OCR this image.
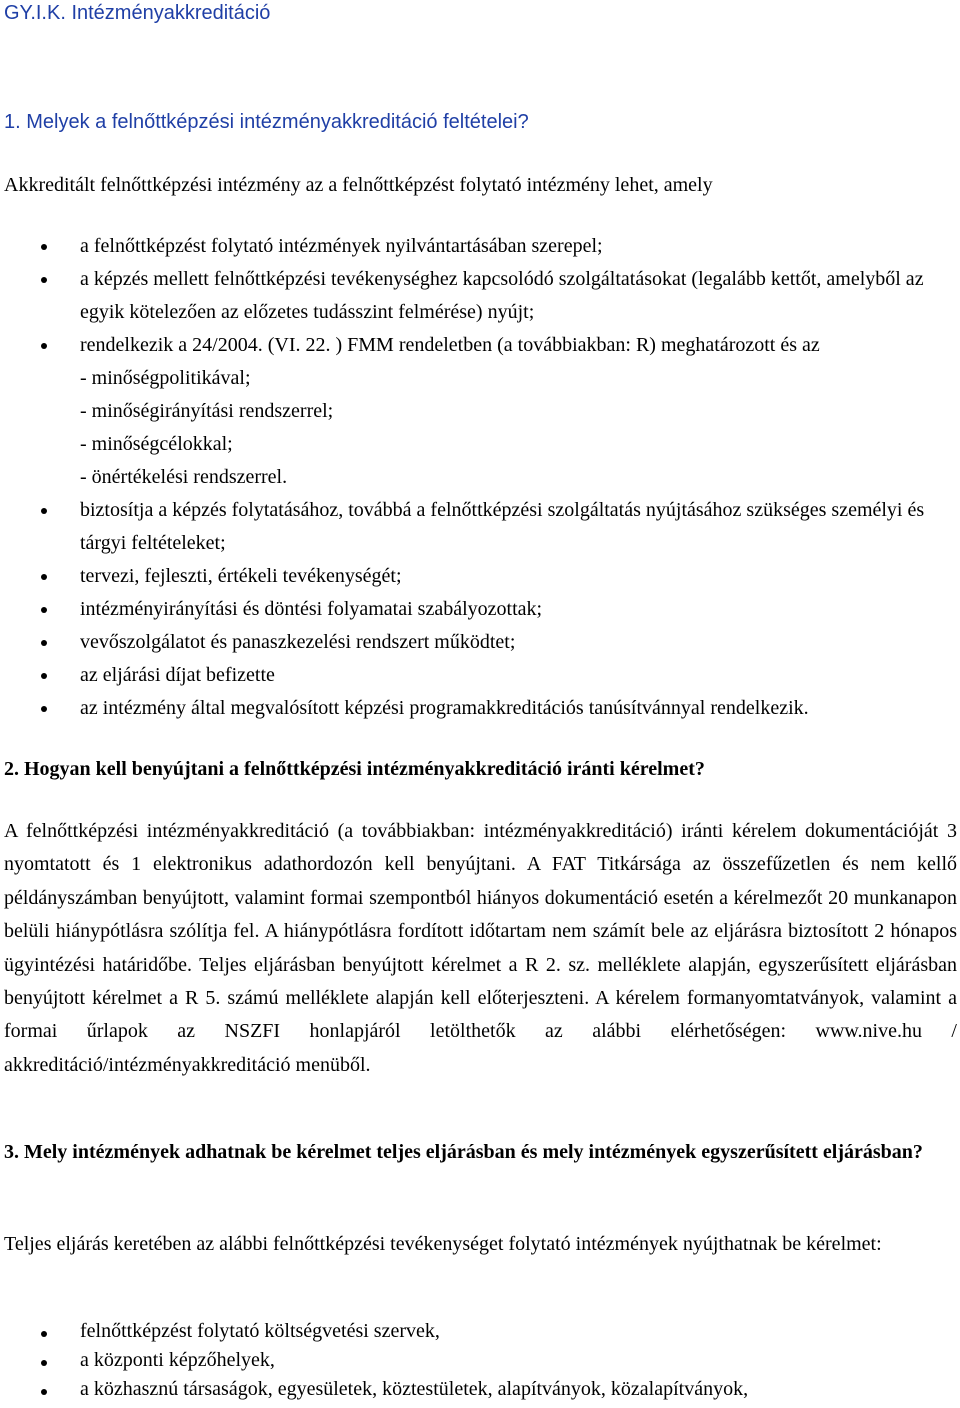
GY.I.K. Intézményakkreditáció
1. Melyek a felnőttképzési intézményakkreditáció feltételei?

Akkreditált felnőttképzési intézmény az a felnőttképzést folytató intézmény lehet, amely

a felnőttképzést folytató intézmények nyilvántartásában szerepel;
a képzés mellett felnőttképzési tevékenységhez kapcsolódó szolgáltatásokat (legalább kettőt, amelyből az egyik kötelezően az előzetes tudásszint felmérése) nyújt;
rendelkezik a 24/2004. (VI. 22. ) FMM rendeletben (a továbbiakban: R) meghatározott és az
- minőségpolitikával;
- minőségirányítási rendszerrel;
- minőségcélokkal;
- önértékelési rendszerrel.
biztosítja a képzés folytatásához, továbbá a felnőttképzési szolgáltatás nyújtásához szükséges személyi és tárgyi feltételeket;
tervezi, fejleszti, értékeli tevékenységét;
intézményirányítási és döntési folyamatai szabályozottak;
vevőszolgálatot és panaszkezelési rendszert működtet;
az eljárási díjat befizette
az intézmény által megvalósított képzési programakkreditációs tanúsítvánnyal rendelkezik.
2. Hogyan kell benyújtani a felnőttképzési intézményakkreditáció iránti kérelmet?

A felnőttképzési intézményakkreditáció (a továbbiakban: intézményakkreditáció) iránti kérelem dokumentációját 3 nyomtatott és 1 elektronikus adathordozón kell benyújtani. A FAT Titkársága az összefűzetlen és nem kellő példányszámban benyújtott, valamint formai szempontból hiányos dokumentáció esetén a kérelmezőt 20 munkanapon belüli hiánypótlásra szólítja fel. A hiánypótlásra fordított időtartam nem számít bele az eljárásra biztosított 2 hónapos ügyintézési határidőbe. Teljes eljárásban benyújtott kérelmet a R 2. sz. melléklete alapján, egyszerűsített eljárásban benyújtott kérelmet a R 5. számú melléklete alapján kell előterjeszteni. A kérelem formanyomtatványok, valamint a formai űrlapok az NSZFI honlapjáról letölthetők az alábbi elérhetőségen: www.nive.hu / akkreditáció/intézményakkreditáció menüből.

3. Mely intézmények adhatnak be kérelmet teljes eljárásban és mely intézmények egyszerűsített eljárásban?

Teljes eljárás keretében az alábbi felnőttképzési tevékenységet folytató intézmények nyújthatnak be kérelmet:

felnőttképzést folytató költségvetési szervek,
a központi képzőhelyek,
a közhasznú társaságok, egyesületek, köztestületek, alapítványok, közalapítványok,
